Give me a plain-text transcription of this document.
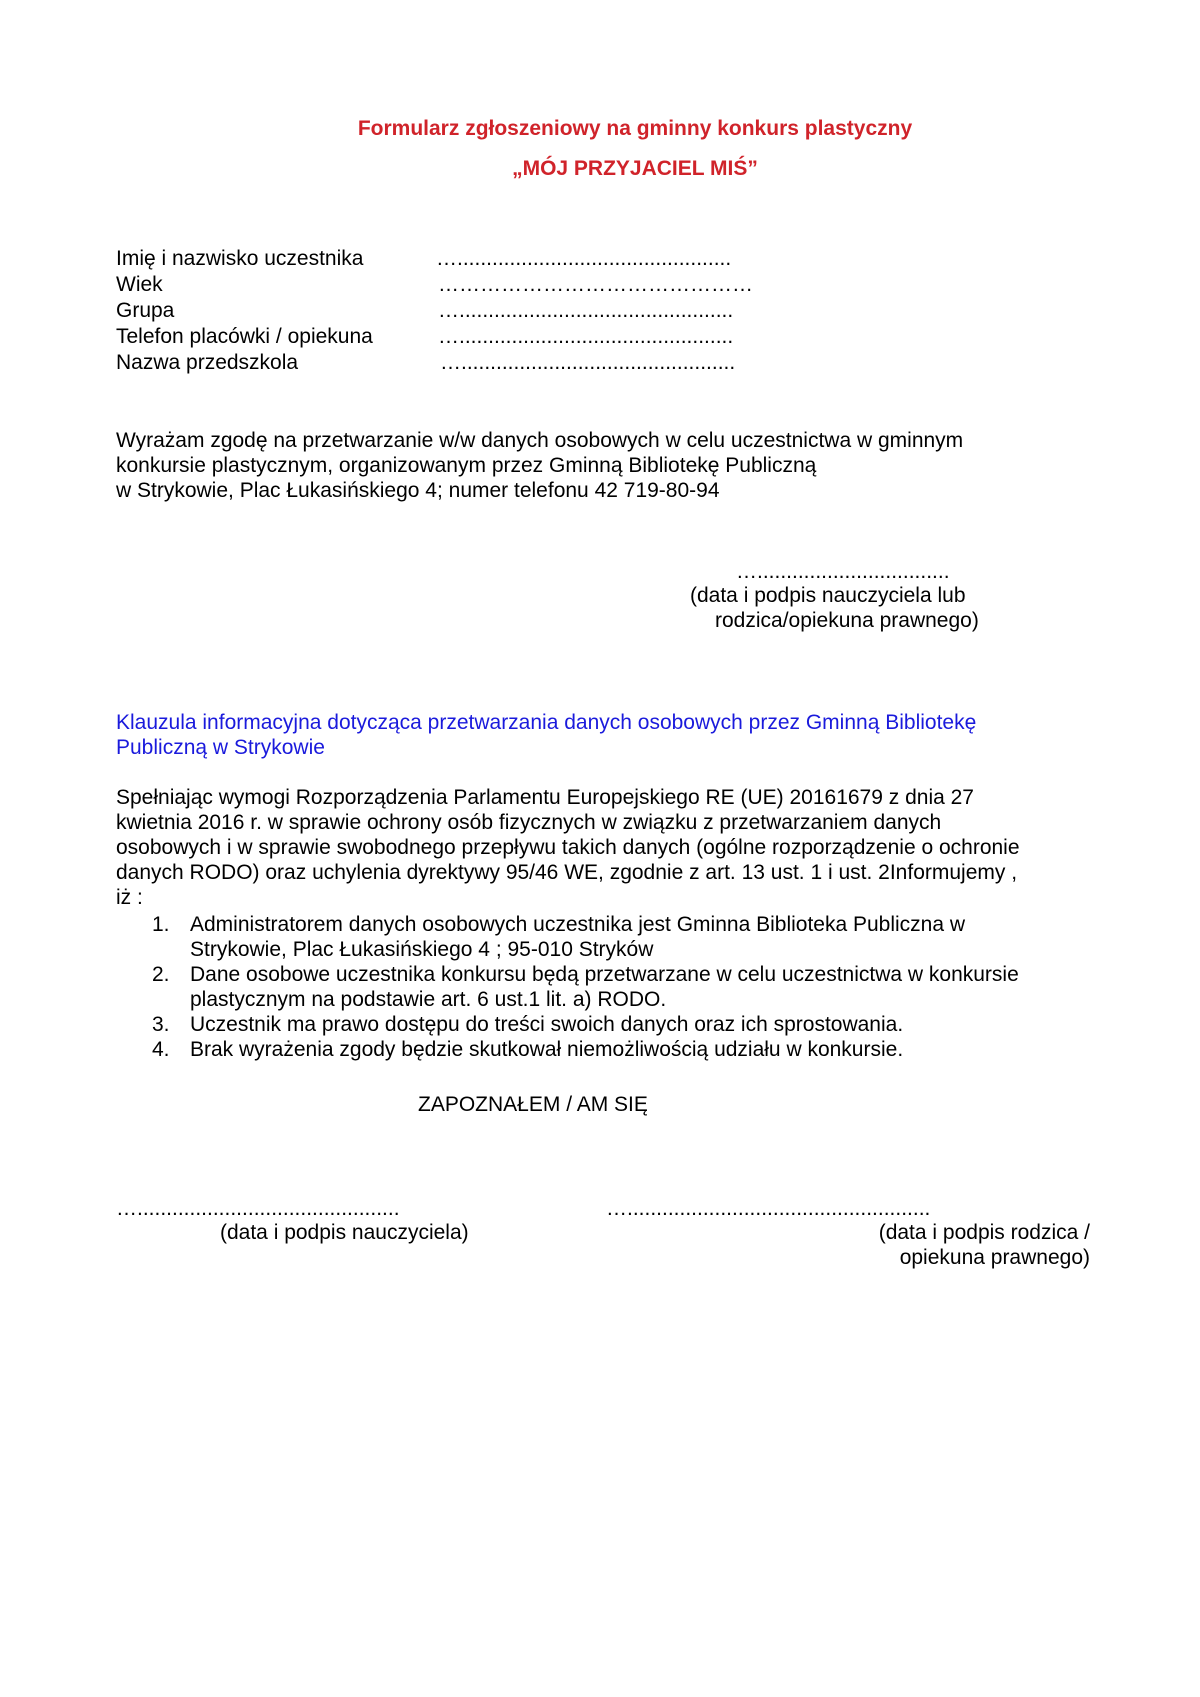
Formularz zgłoszeniowy na gminny konkurs plastyczny
„MÓJ PRZYJACIEL MIŚ”
Imię i nazwisko uczestnika	…...............................................
Wiek	………………………………………
Grupa	…...............................................
Telefon placówki / opiekuna	…...............................................
Nazwa przedszkola	…...............................................
Wyrażam zgodę na przetwarzanie w/w danych osobowych w celu uczestnictwa w gminnym
konkursie plastycznym, organizowanym przez Gminną Bibliotekę Publiczną
w Strykowie, Plac Łukasińskiego 4; numer telefonu 42 719-80-94
….................................
(data i podpis nauczyciela lub
rodzica/opiekuna prawnego)
Klauzula informacyjna dotycząca przetwarzania danych osobowych przez Gminną Bibliotekę
Publiczną w Strykowie
Spełniając wymogi Rozporządzenia Parlamentu Europejskiego RE (UE) 20161679 z dnia 27
kwietnia 2016 r. w sprawie ochrony osób fizycznych w związku z przetwarzaniem danych
osobowych i w sprawie swobodnego przepływu takich danych (ogólne rozporządzenie o ochronie
danych RODO) oraz uchylenia dyrektywy 95/46 WE, zgodnie z art. 13 ust. 1 i ust. 2Informujemy ,
iż :
1. Administratorem danych osobowych uczestnika jest Gminna Biblioteka Publiczna w
Strykowie, Plac Łukasińskiego 4 ; 95-010 Stryków
2. Dane osobowe uczestnika konkursu będą przetwarzane w celu uczestnictwa w konkursie
plastycznym na podstawie art. 6 ust.1 lit. a) RODO.
3. Uczestnik ma prawo dostępu do treści swoich danych oraz ich sprostowania.
4. Brak wyrażenia zgody będzie skutkował niemożliwością udziału w konkursie.
ZAPOZNAŁEM / AM SIĘ
….............................................
(data i podpis nauczyciela)
…....................................................
(data i podpis rodzica /
opiekuna prawnego)
